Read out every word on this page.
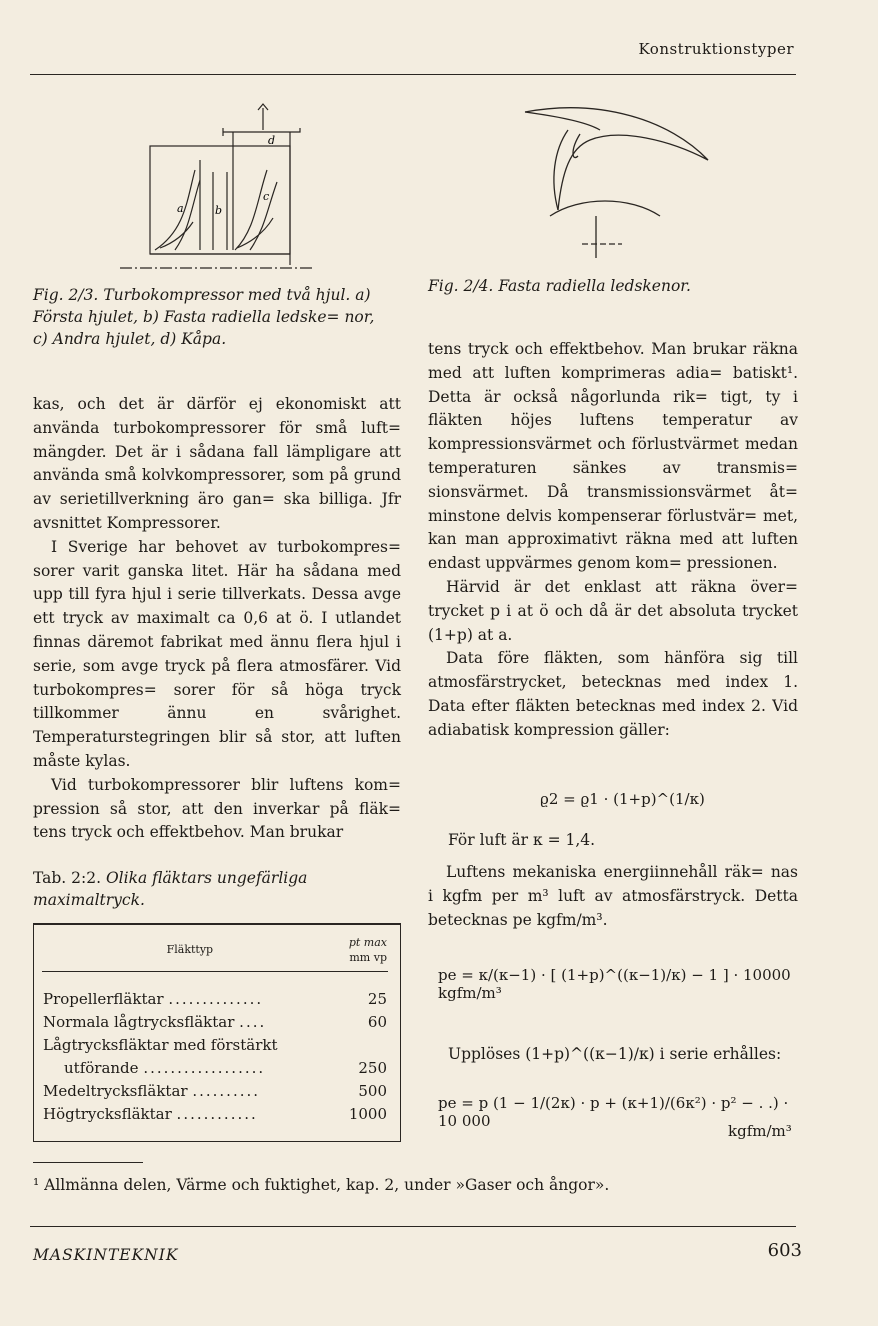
Konstruktionstyper
a	b
c
d
Fig. 2/3. Turbokompressor med två hjul. a) Första hjulet, b) Fasta radiella ledske= nor, c) Andra hjulet, d) Kåpa.

kas, och det är därför ej ekonomiskt att använda turbokompressorer för små luft= mängder. Det är i sådana fall lämpligare att använda små kolvkompressorer, som på grund av serietillverkning äro gan= ska billiga. Jfr avsnittet Kompressorer.

I Sverige har behovet av turbokompres= sorer varit ganska litet. Här ha sådana med upp till fyra hjul i serie tillverkats. Dessa avge ett tryck av maximalt ca 0,6 at ö. I utlandet finnas däremot fabrikat med ännu flera hjul i serie, som avge tryck på flera atmosfärer. Vid turbokompres= sorer för så höga tryck tillkommer ännu en svårighet. Temperaturstegringen blir så stor, att luften måste kylas.

Vid turbokompressorer blir luftens kom= pression så stor, att den inverkar på fläk= tens tryck och effektbehov. Man brukar

Tab. 2:2. Olika fläktars ungefärliga maximaltryck.
Fläkttyp	pt max
mm vp

Propellerfläktar ..............	25
Normala lågtrycksfläktar ....	60
Lågtrycksfläktar med förstärkt	
utförande ..................	250
Medeltrycksfläktar ..........	500
Högtrycksfläktar ............	1000
Fig. 2/4. Fasta radiella ledskenor.

tens tryck och effektbehov. Man brukar räkna med att luften komprimeras adia= batiskt¹. Detta är också någorlunda rik= tigt, ty i fläkten höjes luftens temperatur av kompressionsvärmet och förlustvärmet medan temperaturen sänkes av transmis= sionsvärmet. Då transmissionsvärmet åt= minstone delvis kompenserar förlustvär= met, kan man approximativt räkna med att luften endast uppvärmes genom kom= pressionen.

Härvid är det enklast att räkna över= trycket p i at ö och då är det absoluta trycket (1+p) at a.

Data före fläkten, som hänföra sig till atmosfärstrycket, betecknas med index 1. Data efter fläkten betecknas med index 2. Vid adiabatisk kompression gäller:

ϱ2 = ϱ1 · (1+p)^(1/κ)
För luft är κ = 1,4.
Luftens mekaniska energiinnehåll räk= nas i kgfm per m³ luft av atmosfärstryck. Detta betecknas pe kgfm/m³.
pe = κ/(κ−1) · [ (1+p)^((κ−1)/κ) − 1 ] · 10000 kgfm/m³
Upplöses (1+p)^((κ−1)/κ) i serie erhålles:
pe = p (1 − 1/(2κ) · p + (κ+1)/(6κ²) · p² − . .) · 10 000
kgfm/m³
¹ Allmänna delen, Värme och fuktighet, kap. 2, under »Gaser och ångor».
MASKINTEKNIK	603
